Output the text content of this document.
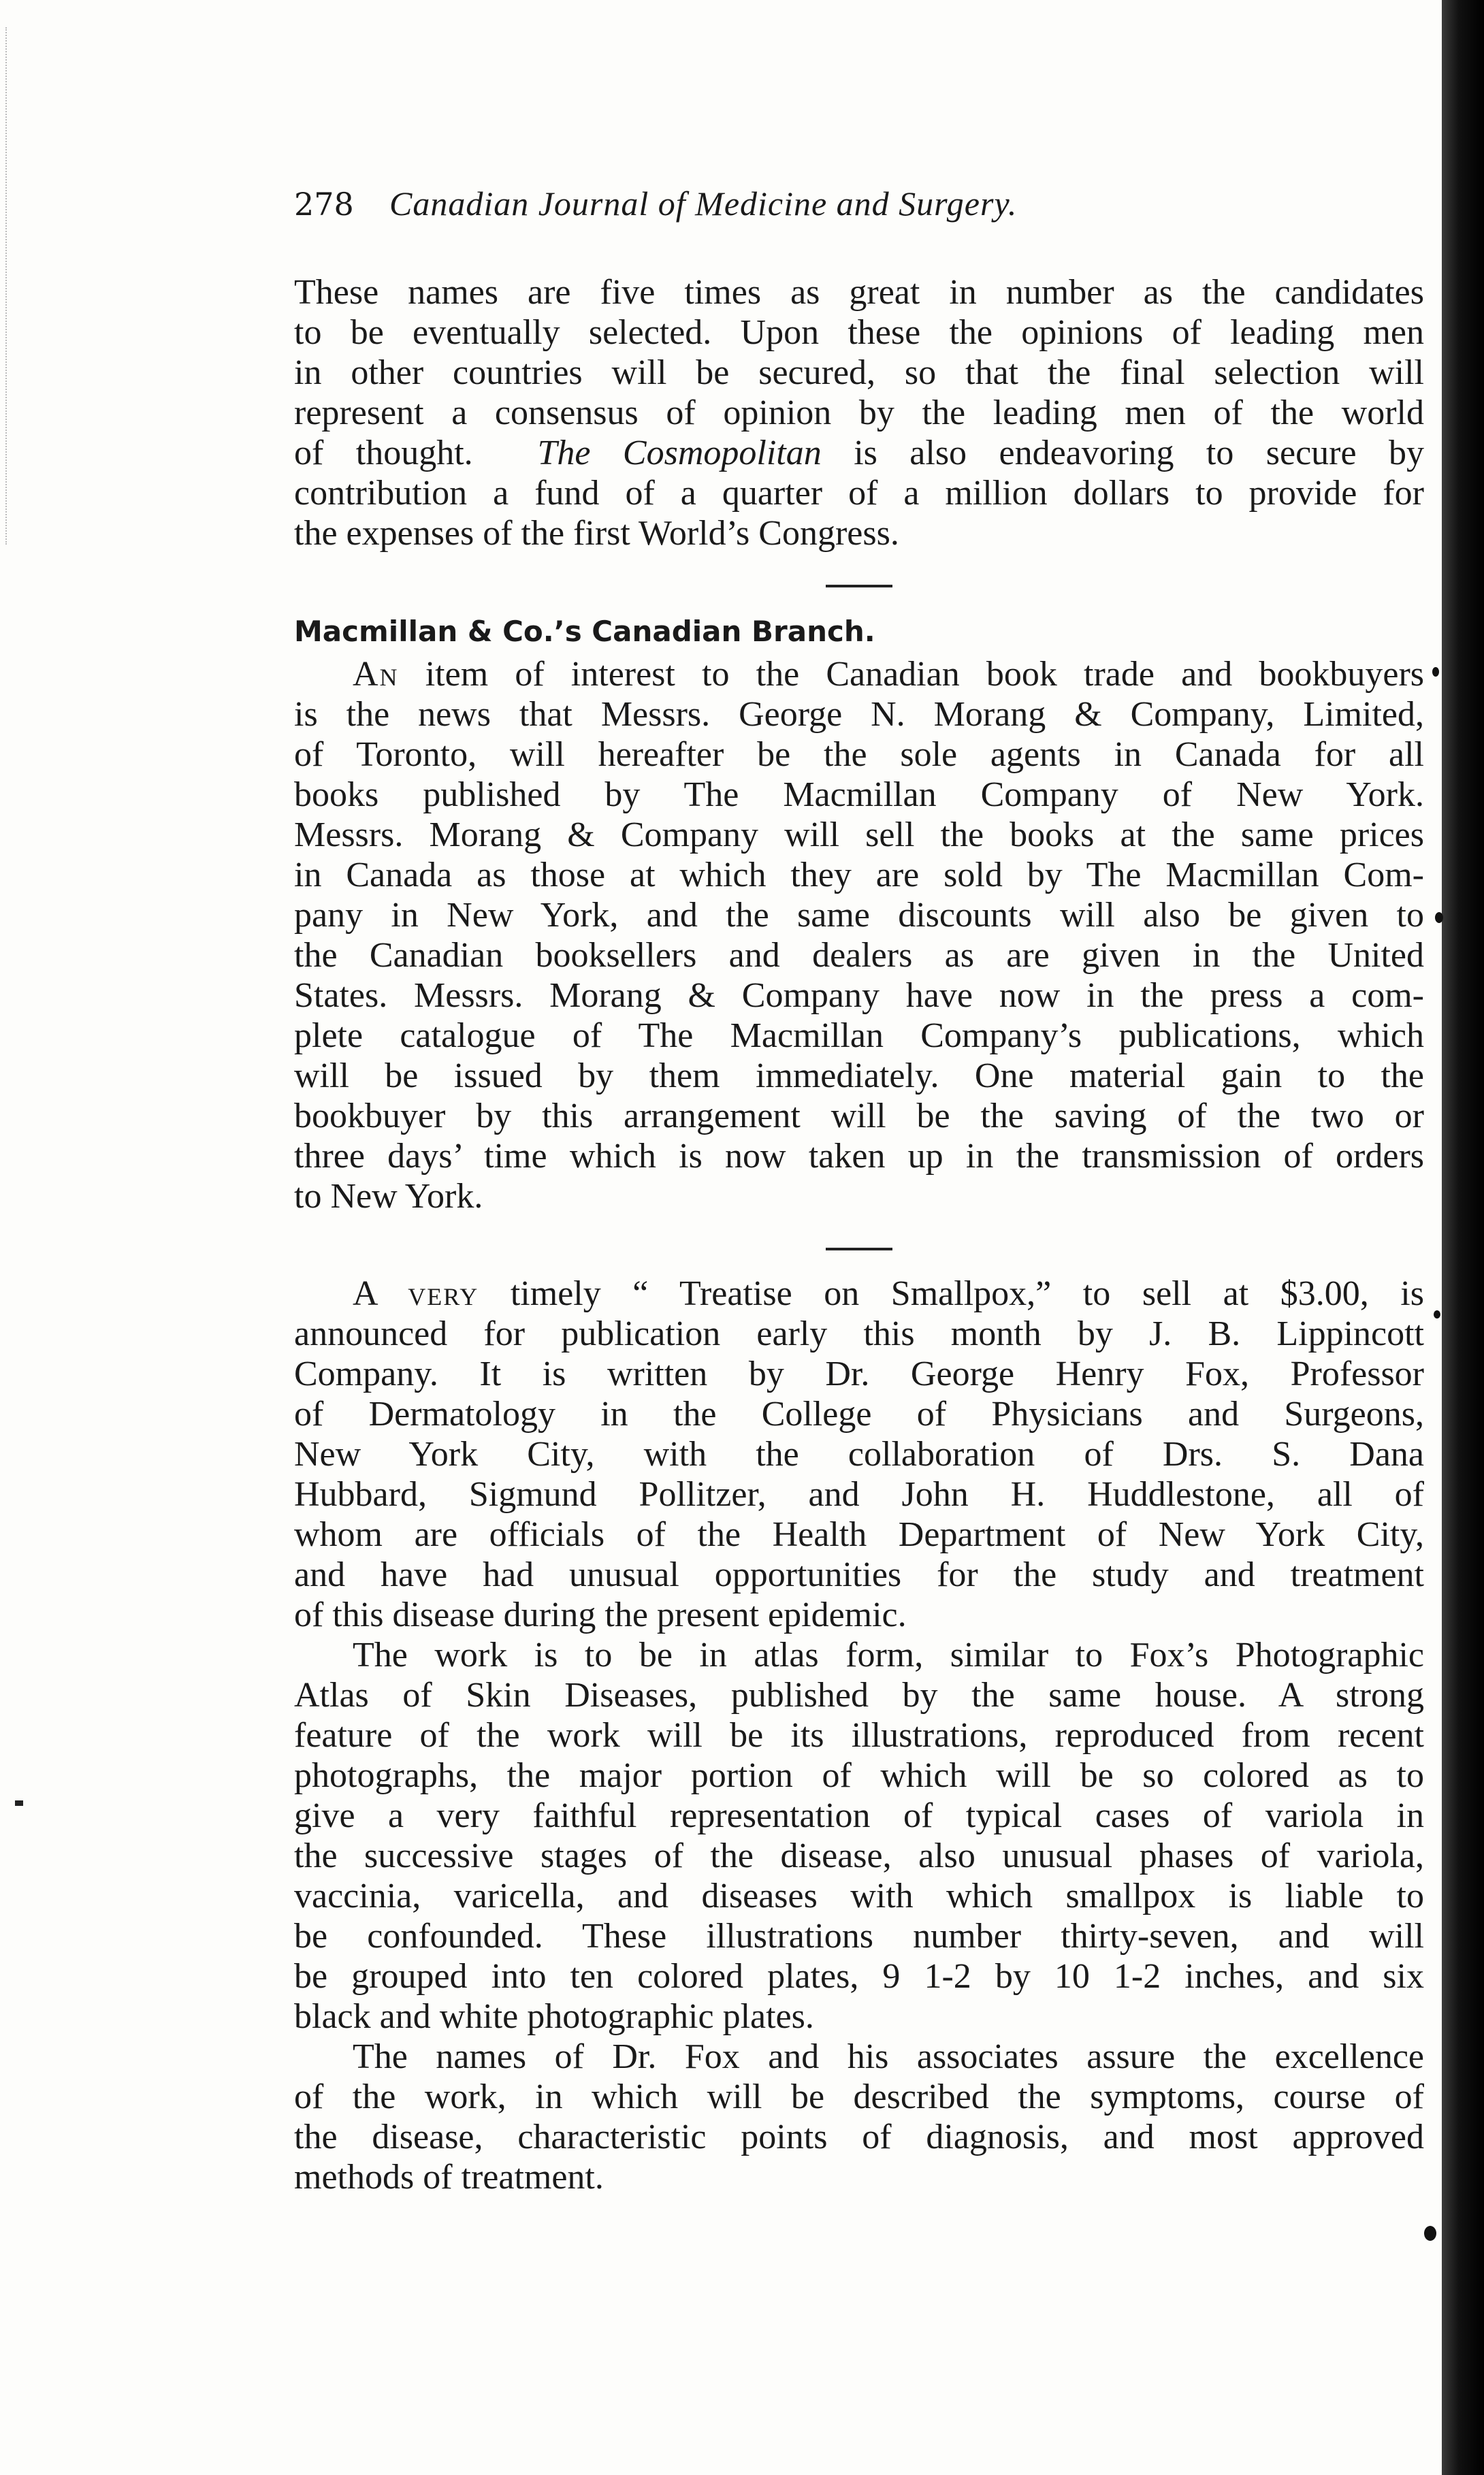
278	Canadian Journal of Medicine and Surgery.

These names are five times as great in number as the candidates
to be eventually selected. Upon these the opinions of leading men
in other countries will be secured, so that the final selection will
represent a consensus of opinion by the leading men of the world
of thought. The Cosmopolitan is also endeavoring to secure by
contribution a fund of a quarter of a million dollars to provide for
the expenses of the first World’s Congress.

Macmillan & Co.’s Canadian Branch.

An item of interest to the Canadian book trade and bookbuyers
is the news that Messrs. George N. Morang & Company, Limited,
of Toronto, will hereafter be the sole agents in Canada for all
books published by The Macmillan Company of New York.
Messrs. Morang & Company will sell the books at the same prices
in Canada as those at which they are sold by The Macmillan Com-
pany in New York, and the same discounts will also be given to
the Canadian booksellers and dealers as are given in the United
States. Messrs. Morang & Company have now in the press a com-
plete catalogue of The Macmillan Company’s publications, which
will be issued by them immediately. One material gain to the
bookbuyer by this arrangement will be the saving of the two or
three days’ time which is now taken up in the transmission of orders
to New York.

A very timely “ Treatise on Smallpox,” to sell at $3.00, is
announced for publication early this month by J. B. Lippincott
Company. It is written by Dr. George Henry Fox, Professor
of Dermatology in the College of Physicians and Surgeons,
New York City, with the collaboration of Drs. S. Dana
Hubbard, Sigmund Pollitzer, and John H. Huddlestone, all of
whom are officials of the Health Department of New York City,
and have had unusual opportunities for the study and treatment
of this disease during the present epidemic.

The work is to be in atlas form, similar to Fox’s Photographic
Atlas of Skin Diseases, published by the same house. A strong
feature of the work will be its illustrations, reproduced from recent
photographs, the major portion of which will be so colored as to
give a very faithful representation of typical cases of variola in
the successive stages of the disease, also unusual phases of variola,
vaccinia, varicella, and diseases with which smallpox is liable to
be confounded. These illustrations number thirty-seven, and will
be grouped into ten colored plates, 9 1-2 by 10 1-2 inches, and six
black and white photographic plates.

The names of Dr. Fox and his associates assure the excellence
of the work, in which will be described the symptoms, course of
the disease, characteristic points of diagnosis, and most approved
methods of treatment.
